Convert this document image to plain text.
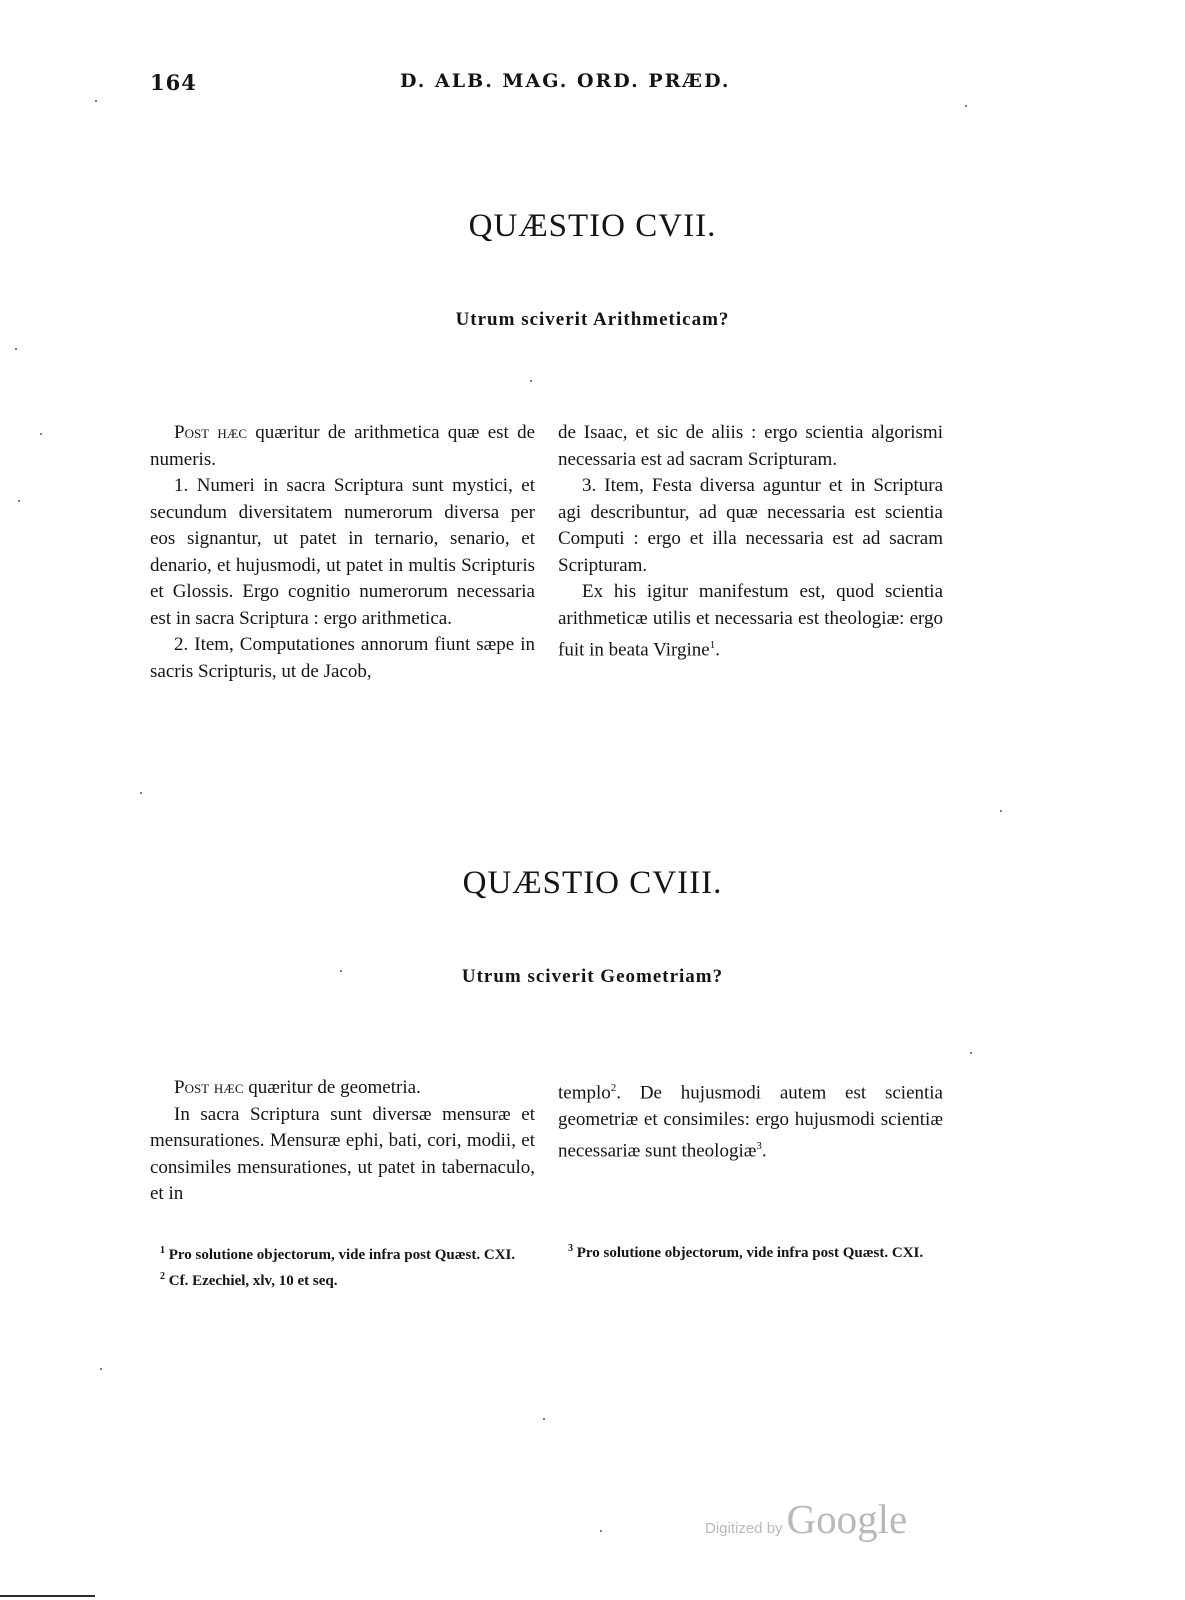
164	D. ALB. MAG. ORD. PRÆD.
QUÆSTIO CVII.
Utrum sciverit Arithmeticam?

Post hæc quæritur de arithmetica quæ est de numeris.

1. Numeri in sacra Scriptura sunt mystici, et secundum diversitatem numerorum diversa per eos signantur, ut patet in ternario, senario, et denario, et hujusmodi, ut patet in multis Scripturis et Glossis. Ergo cognitio numerorum necessaria est in sacra Scriptura : ergo arithmetica.

2. Item, Computationes annorum fiunt sæpe in sacris Scripturis, ut de Jacob,

de Isaac, et sic de aliis : ergo scientia algorismi necessaria est ad sacram Scripturam.

3. Item, Festa diversa aguntur et in Scriptura agi describuntur, ad quæ necessaria est scientia Computi : ergo et illa necessaria est ad sacram Scripturam.

Ex his igitur manifestum est, quod scientia arithmeticæ utilis et necessaria est theologiæ: ergo fuit in beata Virgine$^1$.

QUÆSTIO CVIII.
Utrum sciverit Geometriam?

Post hæc quæritur de geometria.

In sacra Scriptura sunt diversæ mensuræ et mensurationes. Mensuræ ephi, bati, cori, modii, et consimiles mensurationes, ut patet in tabernaculo, et in

templo$^2$. De hujusmodi autem est scientia geometriæ et consimiles: ergo hujusmodi scientiæ necessariæ sunt theologiæ$^3$.

$^1$ Pro solutione objectorum, vide infra post Quæst. CXI.

$^2$ Cf. Ezechiel, xlv, 10 et seq.

$^3$ Pro solutione objectorum, vide infra post Quæst. CXI.

Digitized byGoogle
